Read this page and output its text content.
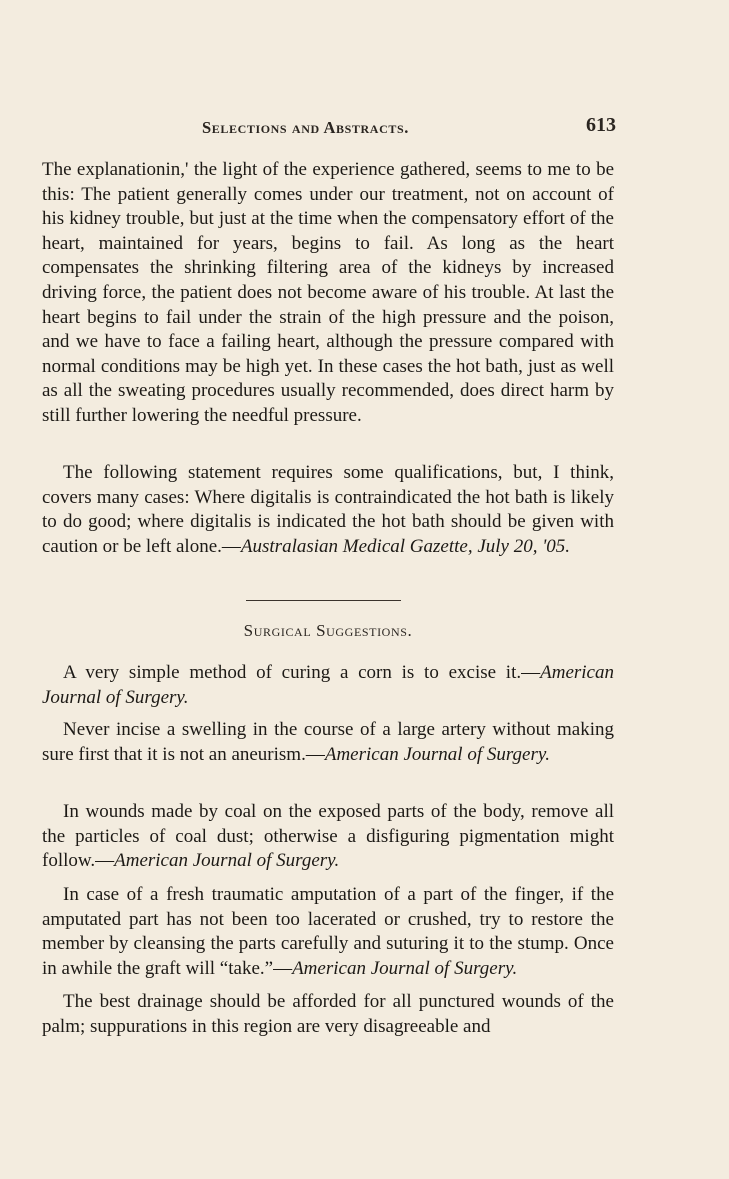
Selections and Abstracts.	613

The explanationin,' the light of the experience gathered, seems to me to be this: The patient generally comes under our treatment, not on account of his kidney trouble, but just at the time when the compensatory effort of the heart, maintained for years, begins to fail. As long as the heart compensates the shrinking filtering area of the kidneys by increased driving force, the patient does not become aware of his trouble. At last the heart begins to fail under the strain of the high pressure and the poison, and we have to face a failing heart, although the pressure compared with normal conditions may be high yet. In these cases the hot bath, just as well as all the sweating procedures usually recommended, does direct harm by still further lowering the needful pressure.

The following statement requires some qualifications, but, I think, covers many cases: Where digitalis is contraindicated the hot bath is likely to do good; where digitalis is indicated the hot bath should be given with caution or be left alone.—Australasian Medical Gazette, July 20, '05.

Surgical Suggestions.

A very simple method of curing a corn is to excise it.—American Journal of Surgery.

Never incise a swelling in the course of a large artery without making sure first that it is not an aneurism.—American Journal of Surgery.

In wounds made by coal on the exposed parts of the body, remove all the particles of coal dust; otherwise a disfiguring pigmentation might follow.—American Journal of Surgery.

In case of a fresh traumatic amputation of a part of the finger, if the amputated part has not been too lacerated or crushed, try to restore the member by cleansing the parts carefully and suturing it to the stump. Once in awhile the graft will “take.”—American Journal of Surgery.

The best drainage should be afforded for all punctured wounds of the palm; suppurations in this region are very disagreeable and
